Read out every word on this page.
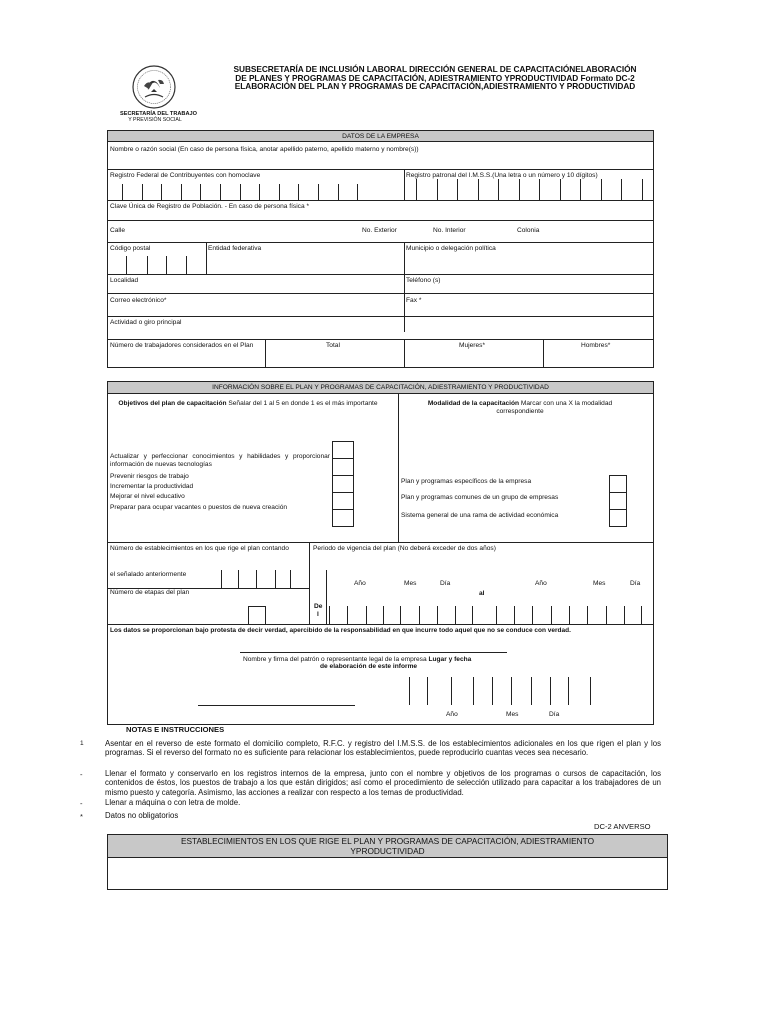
SECRETARÍA DEL TRABAJO
Y PREVISIÓN SOCIAL
SUBSECRETARÍA DE INCLUSIÓN LABORAL DIRECCIÓN GENERAL DE CAPACITACIÓNELABORACIÓN
DE PLANES Y PROGRAMAS DE CAPACITACIÓN, ADIESTRAMIENTO YPRODUCTIVIDAD Formato DC-2
ELABORACIÓN DEL PLAN Y PROGRAMAS DE CAPACITACIÓN,ADIESTRAMIENTO Y PRODUCTIVIDAD
DATOS DE LA EMPRESA
Nombre o razón social (En caso de persona física, anotar apellido paterno, apellido materno y nombre(s))
Registro Federal de Contribuyentes con homoclave	Registro patronal del I.M.S.S.(Una letra o un número y 10 dígitos)
Clave Única de Registro de Población. - En caso de persona física *
Calle	No. Exterior	No. Interior	Colonia
Código postal	Entidad federativa	Municipio o delegación política
Localidad	Teléfono (s)
Correo electrónico*	Fax *
Actividad o giro principal
Número de trabajadores considerados en el Plan	Total	Mujeres*	Hombres*
INFORMACIÓN SOBRE EL PLAN Y PROGRAMAS DE CAPACITACIÓN, ADIESTRAMIENTO Y PRODUCTIVIDAD
Objetivos del plan de capacitación Señalar del 1 al 5 en donde 1 es el más importante
Actualizar y perfeccionar conocimientos y habilidades y proporcionar información de nuevas tecnologías
Prevenir riesgos de trabajo
Incrementar la productividad
Mejorar el nivel educativo
Preparar para ocupar vacantes o puestos de nueva creación
Modalidad de la capacitación Marcar con una X la modalidad correspondiente
Plan y programas específicos de la empresa
Plan y programas comunes de un grupo de empresas
Sistema general de una rama de actividad económica
Número de establecimientos en los que rige el plan contando
el señalado anteriormente
Número de etapas del plan
Periodo de vigencia del plan (No deberá exceder de dos años)
Año	Mes	Día	Año	Mes	Día
De
l
al
Los datos se proporcionan bajo protesta de decir verdad, apercibido de la responsabilidad en que incurre todo aquel que no se conduce con verdad.
Nombre y firma del patrón o representante legal de la empresa Lugar y fecha
de elaboración de este informe
Año	Mes	Día
NOTAS E INSTRUCCIONES
1	Asentar en el reverso de este formato el domicilio completo, R.F.C. y registro del I.M.S.S. de los establecimientos adicionales en los que rigen el plan y los programas. Si el reverso del formato no es suficiente para relacionar los establecimientos, puede reproducirlo cuantas veces sea necesario.
-	Llenar el formato y conservarlo en los registros internos de la empresa, junto con el nombre y objetivos de los programas o cursos de capacitación, los contenidos de éstos, los puestos de trabajo a los que están dirigidos; así como el procedimiento de selección utilizado para capacitar a los trabajadores de un mismo puesto y categoría. Asimismo, las acciones a realizar con respecto a los temas de productividad.
-	Llenar a máquina o con letra de molde.
*	Datos no obligatorios
DC-2 ANVERSO
ESTABLECIMIENTOS EN LOS QUE RIGE EL PLAN Y PROGRAMAS DE CAPACITACIÓN, ADIESTRAMIENTO
YPRODUCTIVIDAD
